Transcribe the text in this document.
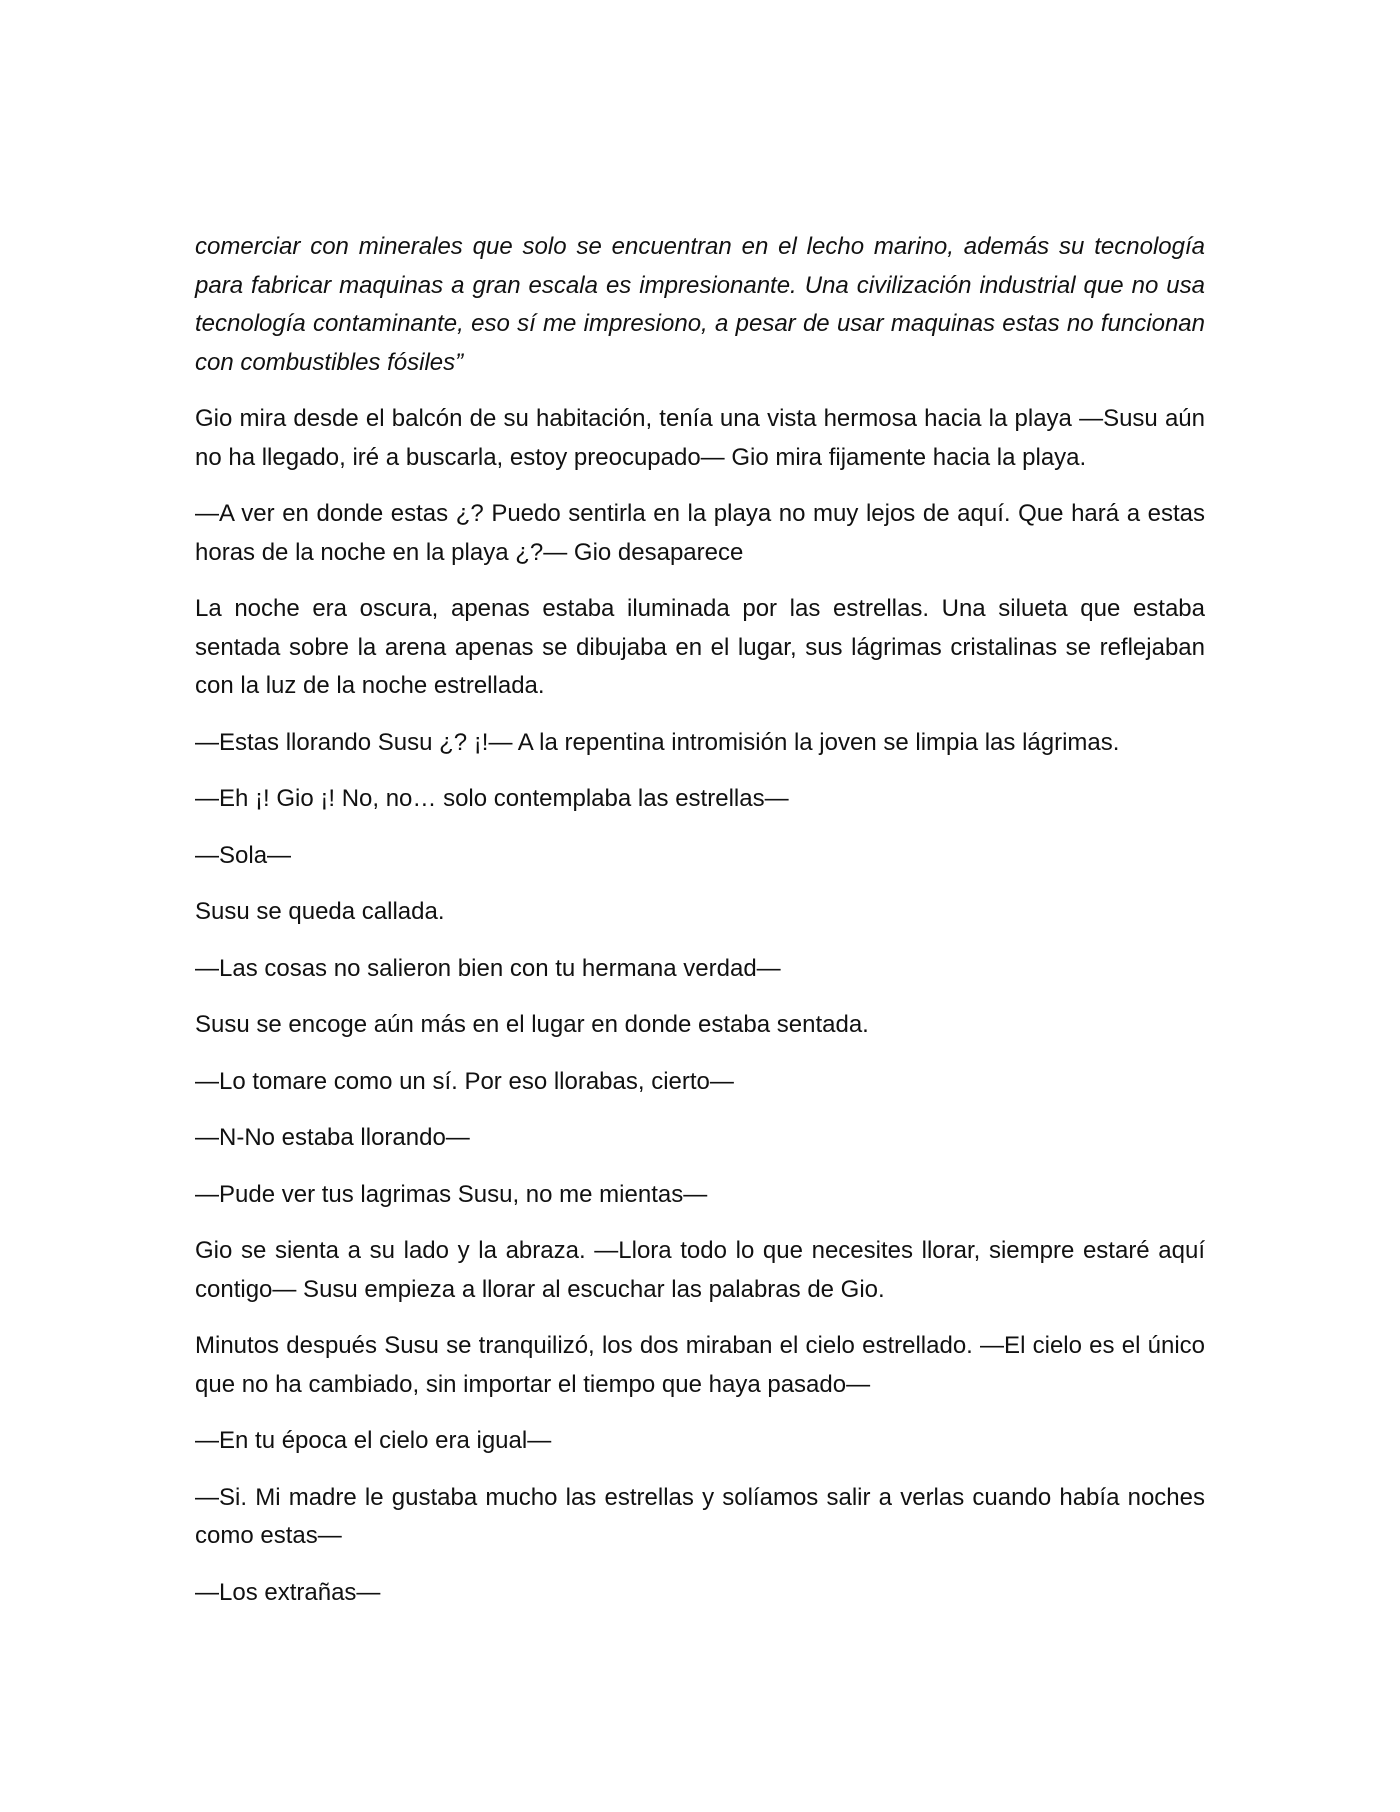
comerciar con minerales que solo se encuentran en el lecho marino, además su tecnología para fabricar maquinas a gran escala es impresionante. Una civilización industrial que no usa tecnología contaminante, eso sí me impresiono, a pesar de usar maquinas estas no funcionan con combustibles fósiles”

Gio mira desde el balcón de su habitación, tenía una vista hermosa hacia la playa —Susu aún no ha llegado, iré a buscarla, estoy preocupado— Gio mira fijamente hacia la playa.

—A ver en donde estas ¿? Puedo sentirla en la playa no muy lejos de aquí. Que hará a estas horas de la noche en la playa ¿?— Gio desaparece

La noche era oscura, apenas estaba iluminada por las estrellas. Una silueta que estaba sentada sobre la arena apenas se dibujaba en el lugar, sus lágrimas cristalinas se reflejaban con la luz de la noche estrellada.

—Estas llorando Susu ¿? ¡!— A la repentina intromisión la joven se limpia las lágrimas.

—Eh ¡! Gio ¡! No, no… solo contemplaba las estrellas—

—Sola—

Susu se queda callada.

—Las cosas no salieron bien con tu hermana verdad—

Susu se encoge aún más en el lugar en donde estaba sentada.

—Lo tomare como un sí. Por eso llorabas, cierto—

—N-No estaba llorando—

—Pude ver tus lagrimas Susu, no me mientas—

Gio se sienta a su lado y la abraza. —Llora todo lo que necesites llorar, siempre estaré aquí contigo— Susu empieza a llorar al escuchar las palabras de Gio.

Minutos después Susu se tranquilizó, los dos miraban el cielo estrellado. —El cielo es el único que no ha cambiado, sin importar el tiempo que haya pasado—

—En tu época el cielo era igual—

—Si. Mi madre le gustaba mucho las estrellas y solíamos salir a verlas cuando había noches como estas—

—Los extrañas—
